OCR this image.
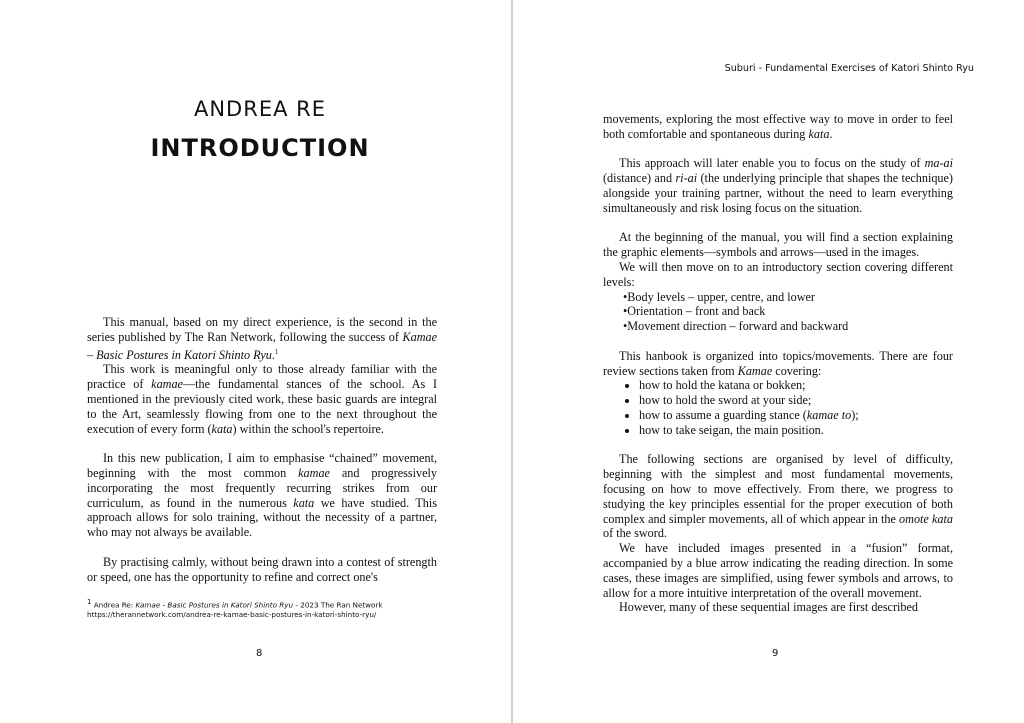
ANDREA RE
INTRODUCTION

This manual, based on my direct experience, is the second in the series published by The Ran Network, following the success of Kamae – Basic Postures in Katori Shinto Ryu.$^1$

This work is meaningful only to those already familiar with the practice of kamae—the fundamental stances of the school. As I mentioned in the previously cited work, these basic guards are integral to the Art, seamlessly flowing from one to the next throughout the execution of every form (kata) within the school's repertoire.

In this new publication, I aim to emphasise “chained” movement, beginning with the most common kamae and progressively incorporating the most frequently recurring strikes from our curriculum, as found in the numerous kata we have studied. This approach allows for solo training, without the necessity of a partner, who may not always be available.

By practising calmly, without being drawn into a contest of strength or speed, one has the opportunity to refine and correct one's

$^1$ Andrea Re: Kamae - Basic Postures in Katori Shinto Ryu - 2023 The Ran Network
https://therannetwork.com/andrea-re-kamae-basic-postures-in-katori-shinto-ryu/
8
Suburi - Fundamental Exercises of Katori Shinto Ryu

movements, exploring the most effective way to move in order to feel both comfortable and spontaneous during kata.

This approach will later enable you to focus on the study of ma-ai (distance) and ri-ai (the underlying principle that shapes the technique) alongside your training partner, without the need to learn everything simultaneously and risk losing focus on the situation.

At the beginning of the manual, you will find a section explaining the graphic elements—symbols and arrows—used in the images.

We will then move on to an introductory section covering different levels:

• Body levels – upper, centre, and lower
• Orientation – front and back
• Movement direction – forward and backward

This hanbook is organized into topics/movements. There are four review sections taken from Kamae covering:

• how to hold the katana or bokken;
• how to hold the sword at your side;
• how to assume a guarding stance (kamae to);
• how to take seigan, the main position.

The following sections are organised by level of difficulty, beginning with the simplest and most fundamental movements, focusing on how to move effectively. From there, we progress to studying the key principles essential for the proper execution of both complex and simpler movements, all of which appear in the omote kata of the sword.

We have included images presented in a “fusion” format, accompanied by a blue arrow indicating the reading direction. In some cases, these images are simplified, using fewer symbols and arrows, to allow for a more intuitive interpretation of the overall movement.

However, many of these sequential images are first described

9
